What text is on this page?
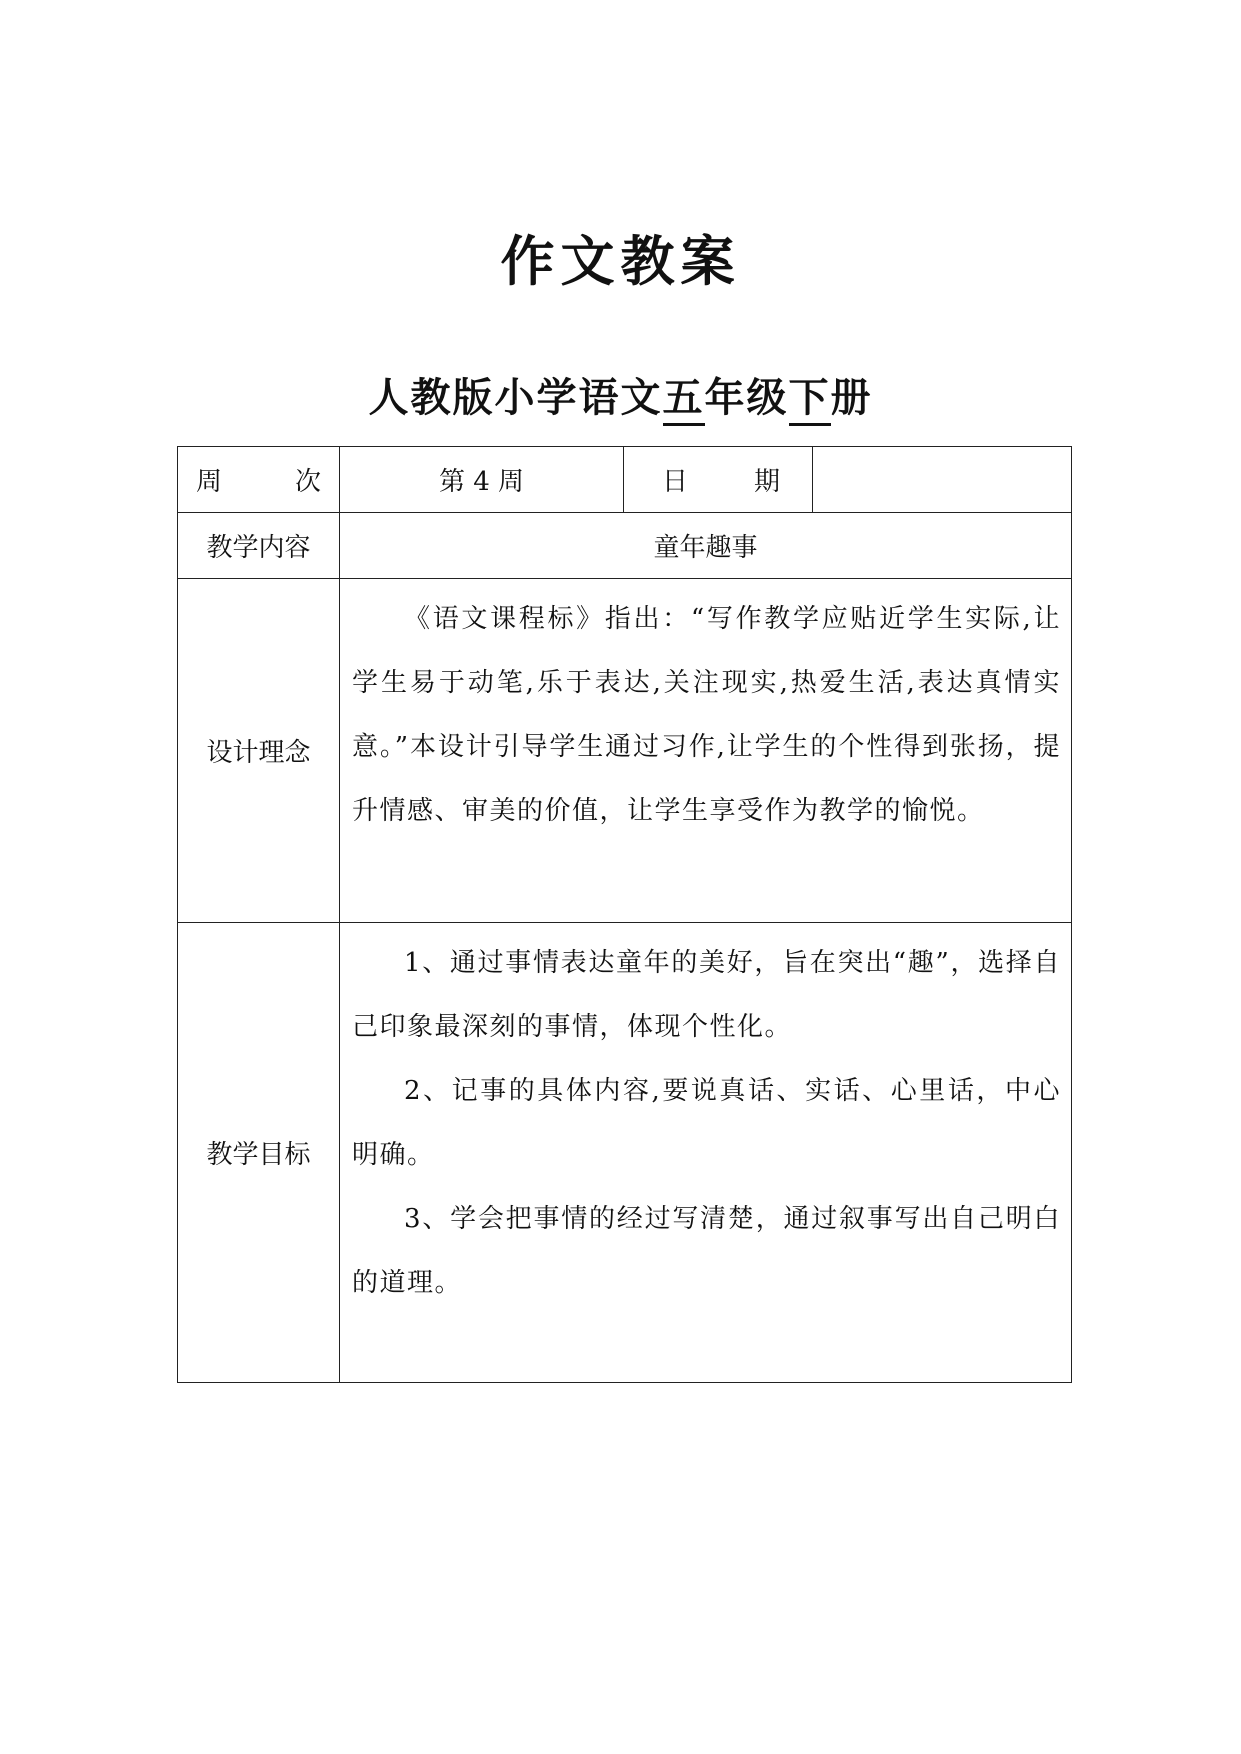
作文教案
人教版小学语文五年级下册
周 次	第 4 周	日 期	

教学内容	童年趣事		
设计理念	《语文课程标》指出：“写作教学应贴近学生实际,让学生易于动笔,乐于表达,关注现实,热爱生活,表达真情实意。”本设计引导学生通过习作,让学生的个性得到张扬，提升情感、审美的价值，让学生享受作为教学的愉悦。		

教学目标	1、通过事情表达童年的美好，旨在突出“趣”，选择自己印象最深刻的事情，体现个性化。

2、记事的具体内容,要说真话、实话、心里话，中心明确。

3、学会把事情的经过写清楚，通过叙事写出自己明白的道理。		
